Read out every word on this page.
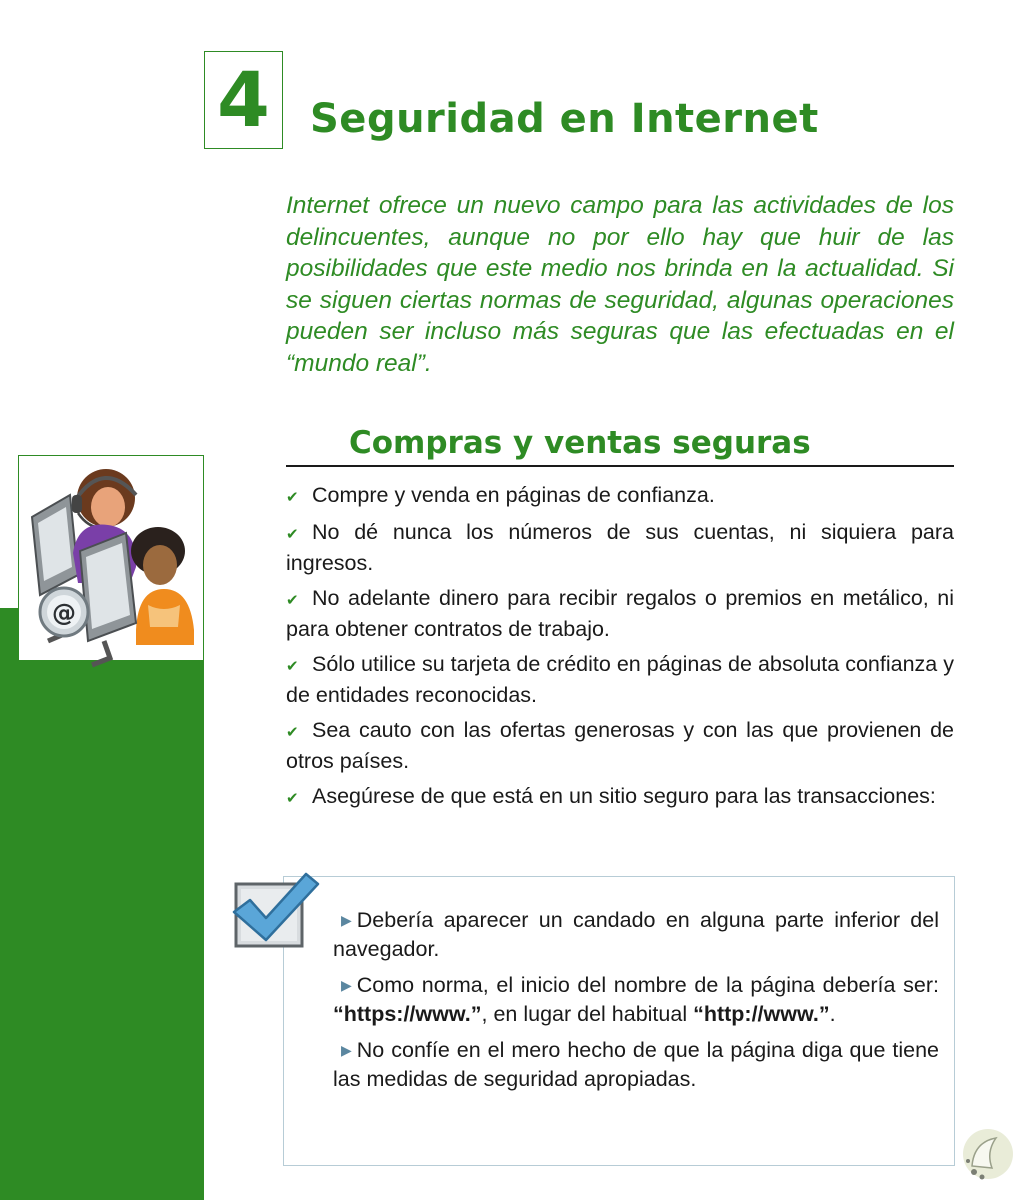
4 Seguridad en Internet

Internet ofrece un nuevo campo para las actividades de los delincuentes, aunque no por ello hay que huir de las posibilidades que este medio nos brinda en la actualidad. Si se siguen ciertas normas de seguridad, algunas operaciones pueden ser incluso más seguras que las efectuadas en el “mundo real”.

Compras y ventas seguras
@
✔ Compre y venda en páginas de confianza.
✔ No dé nunca los números de sus cuentas, ni siquiera para ingresos.
✔ No adelante dinero para recibir regalos o premios en metálico, ni para obtener contratos de trabajo.
✔ Sólo utilice su tarjeta de crédito en páginas de absoluta confianza y de entidades reconocidas.
✔ Sea cauto con las ofertas generosas y con las que provienen de otros países.
✔ Asegúrese de que está en un sitio seguro para las transacciones:
▶ Debería aparecer un candado en alguna parte inferior del navegador.
▶ Como norma, el inicio del nombre de la página debería ser: “https://www.”, en lugar del habitual “http://www.”.
▶ No confíe en el mero hecho de que la página diga que tiene las medidas de seguridad apropiadas.
